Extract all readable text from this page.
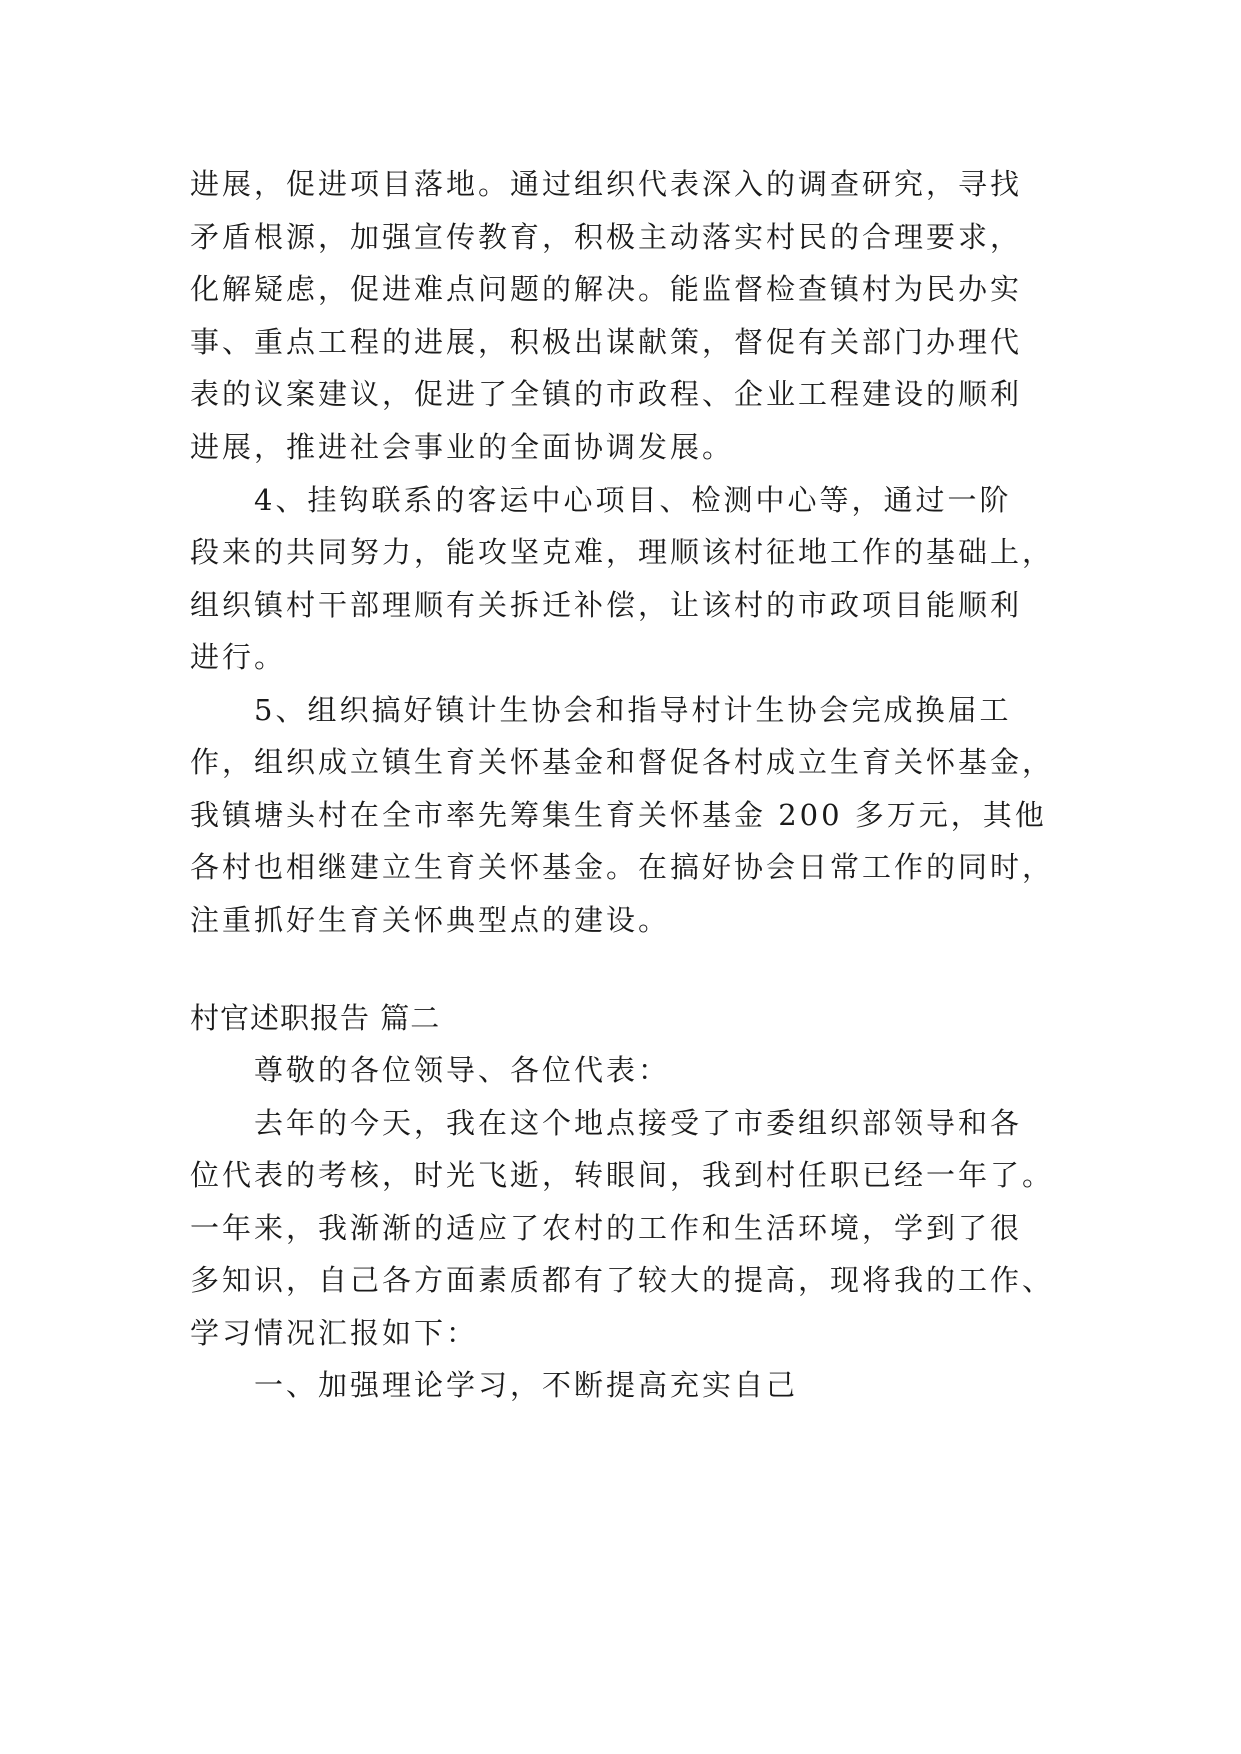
进展，促进项目落地。通过组织代表深入的调查研究，寻找
矛盾根源，加强宣传教育，积极主动落实村民的合理要求，
化解疑虑，促进难点问题的解决。能监督检查镇村为民办实
事、重点工程的进展，积极出谋献策，督促有关部门办理代
表的议案建议，促进了全镇的市政程、企业工程建设的顺利
进展，推进社会事业的全面协调发展。
4、挂钩联系的客运中心项目、检测中心等，通过一阶
段来的共同努力，能攻坚克难，理顺该村征地工作的基础上，
组织镇村干部理顺有关拆迁补偿，让该村的市政项目能顺利
进行。
5、组织搞好镇计生协会和指导村计生协会完成换届工
作，组织成立镇生育关怀基金和督促各村成立生育关怀基金，
我镇塘头村在全市率先筹集生育关怀基金 200 多万元，其他
各村也相继建立生育关怀基金。在搞好协会日常工作的同时，
注重抓好生育关怀典型点的建设。
村官述职报告 篇二
尊敬的各位领导、各位代表：
去年的今天，我在这个地点接受了市委组织部领导和各
位代表的考核，时光飞逝，转眼间，我到村任职已经一年了。
一年来，我渐渐的适应了农村的工作和生活环境，学到了很
多知识，自己各方面素质都有了较大的提高，现将我的工作、
学习情况汇报如下：
一、加强理论学习，不断提高充实自己
